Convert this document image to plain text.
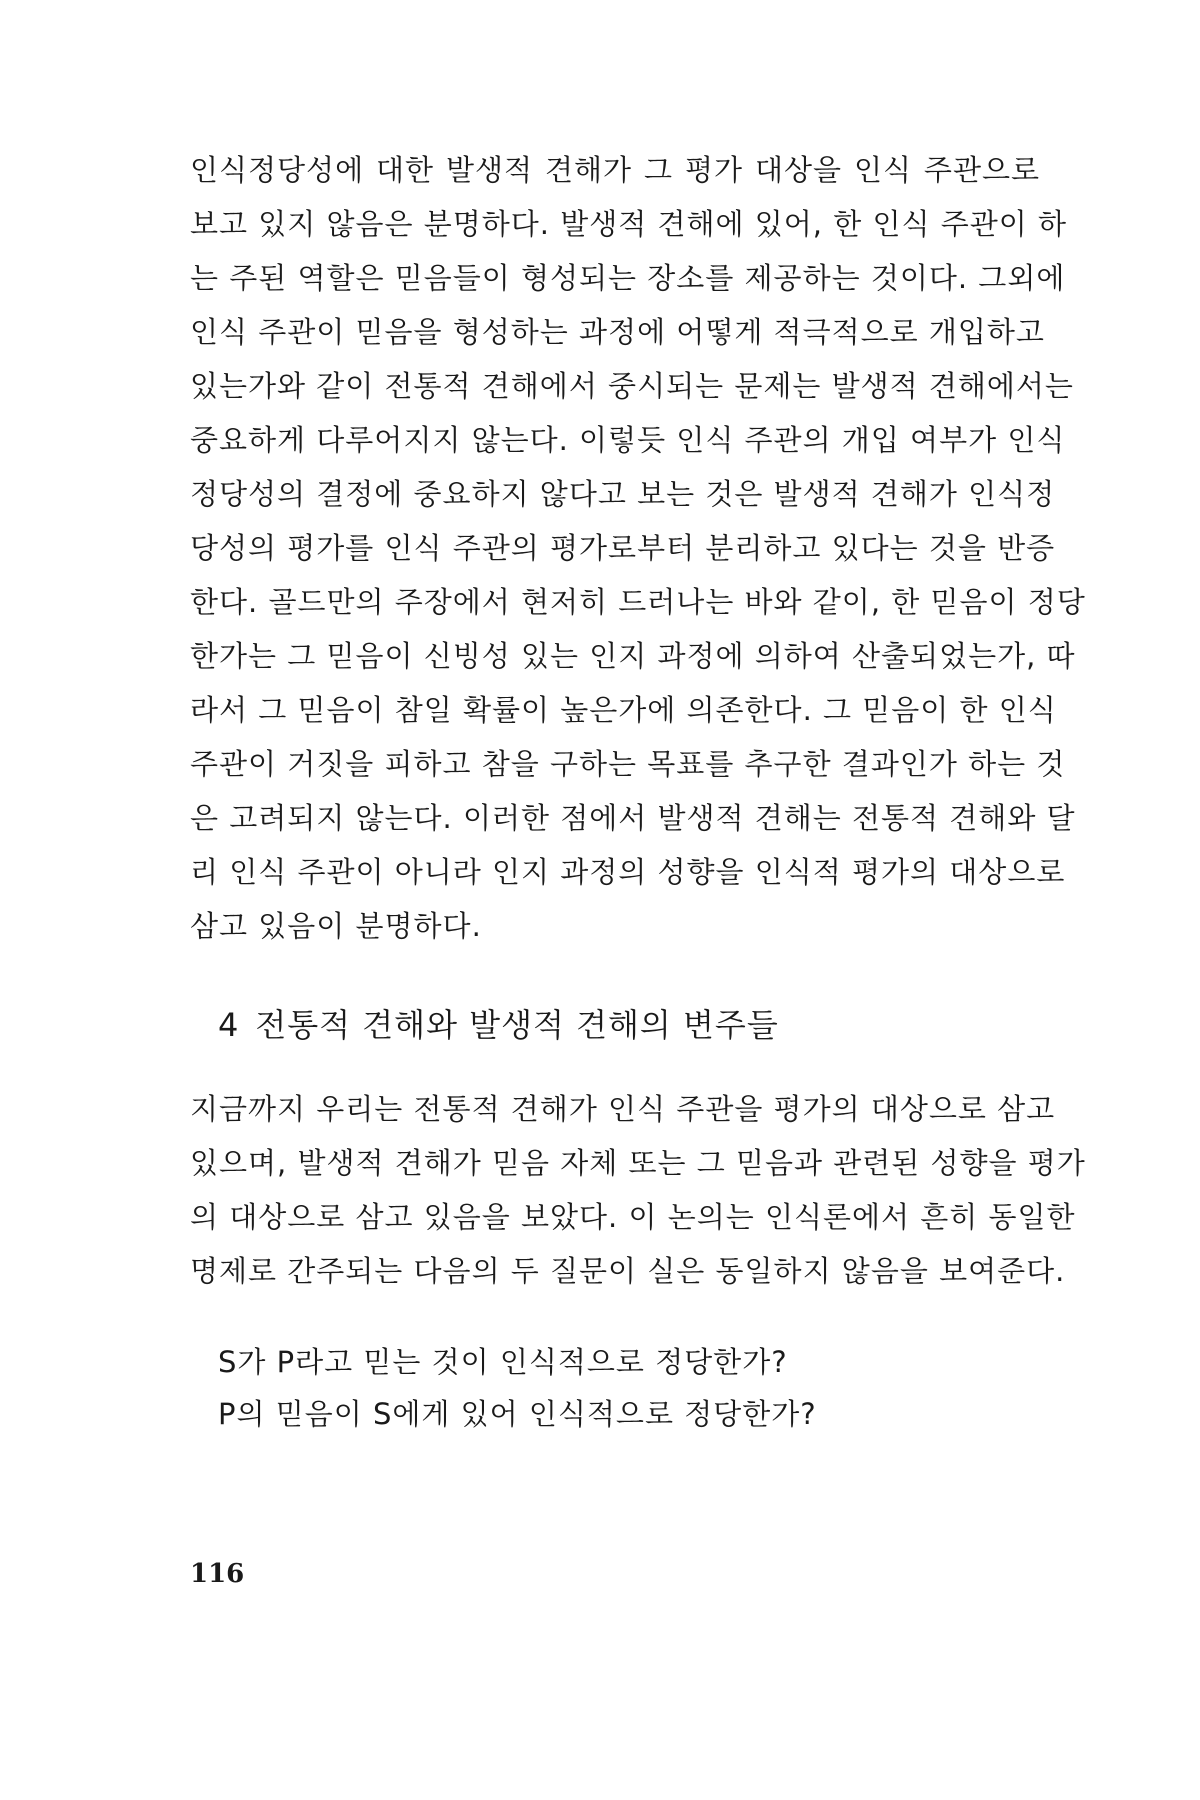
인식정당성에 대한 발생적 견해가 그 평가 대상을 인식 주관으로
보고 있지 않음은 분명하다. 발생적 견해에 있어, 한 인식 주관이 하
는 주된 역할은 믿음들이 형성되는 장소를 제공하는 것이다. 그외에
인식 주관이 믿음을 형성하는 과정에 어떻게 적극적으로 개입하고
있는가와 같이 전통적 견해에서 중시되는 문제는 발생적 견해에서는
중요하게 다루어지지 않는다. 이렇듯 인식 주관의 개입 여부가 인식
정당성의 결정에 중요하지 않다고 보는 것은 발생적 견해가 인식정
당성의 평가를 인식 주관의 평가로부터 분리하고 있다는 것을 반증
한다. 골드만의 주장에서 현저히 드러나는 바와 같이, 한 믿음이 정당
한가는 그 믿음이 신빙성 있는 인지 과정에 의하여 산출되었는가, 따
라서 그 믿음이 참일 확률이 높은가에 의존한다. 그 믿음이 한 인식
주관이 거짓을 피하고 참을 구하는 목표를 추구한 결과인가 하는 것
은 고려되지 않는다. 이러한 점에서 발생적 견해는 전통적 견해와 달
리 인식 주관이 아니라 인지 과정의 성향을 인식적 평가의 대상으로
삼고 있음이 분명하다.
4 전통적 견해와 발생적 견해의 변주들
지금까지 우리는 전통적 견해가 인식 주관을 평가의 대상으로 삼고
있으며, 발생적 견해가 믿음 자체 또는 그 믿음과 관련된 성향을 평가
의 대상으로 삼고 있음을 보았다. 이 논의는 인식론에서 흔히 동일한
명제로 간주되는 다음의 두 질문이 실은 동일하지 않음을 보여준다.
S가 P라고 믿는 것이 인식적으로 정당한가?
P의 믿음이 S에게 있어 인식적으로 정당한가?
116
